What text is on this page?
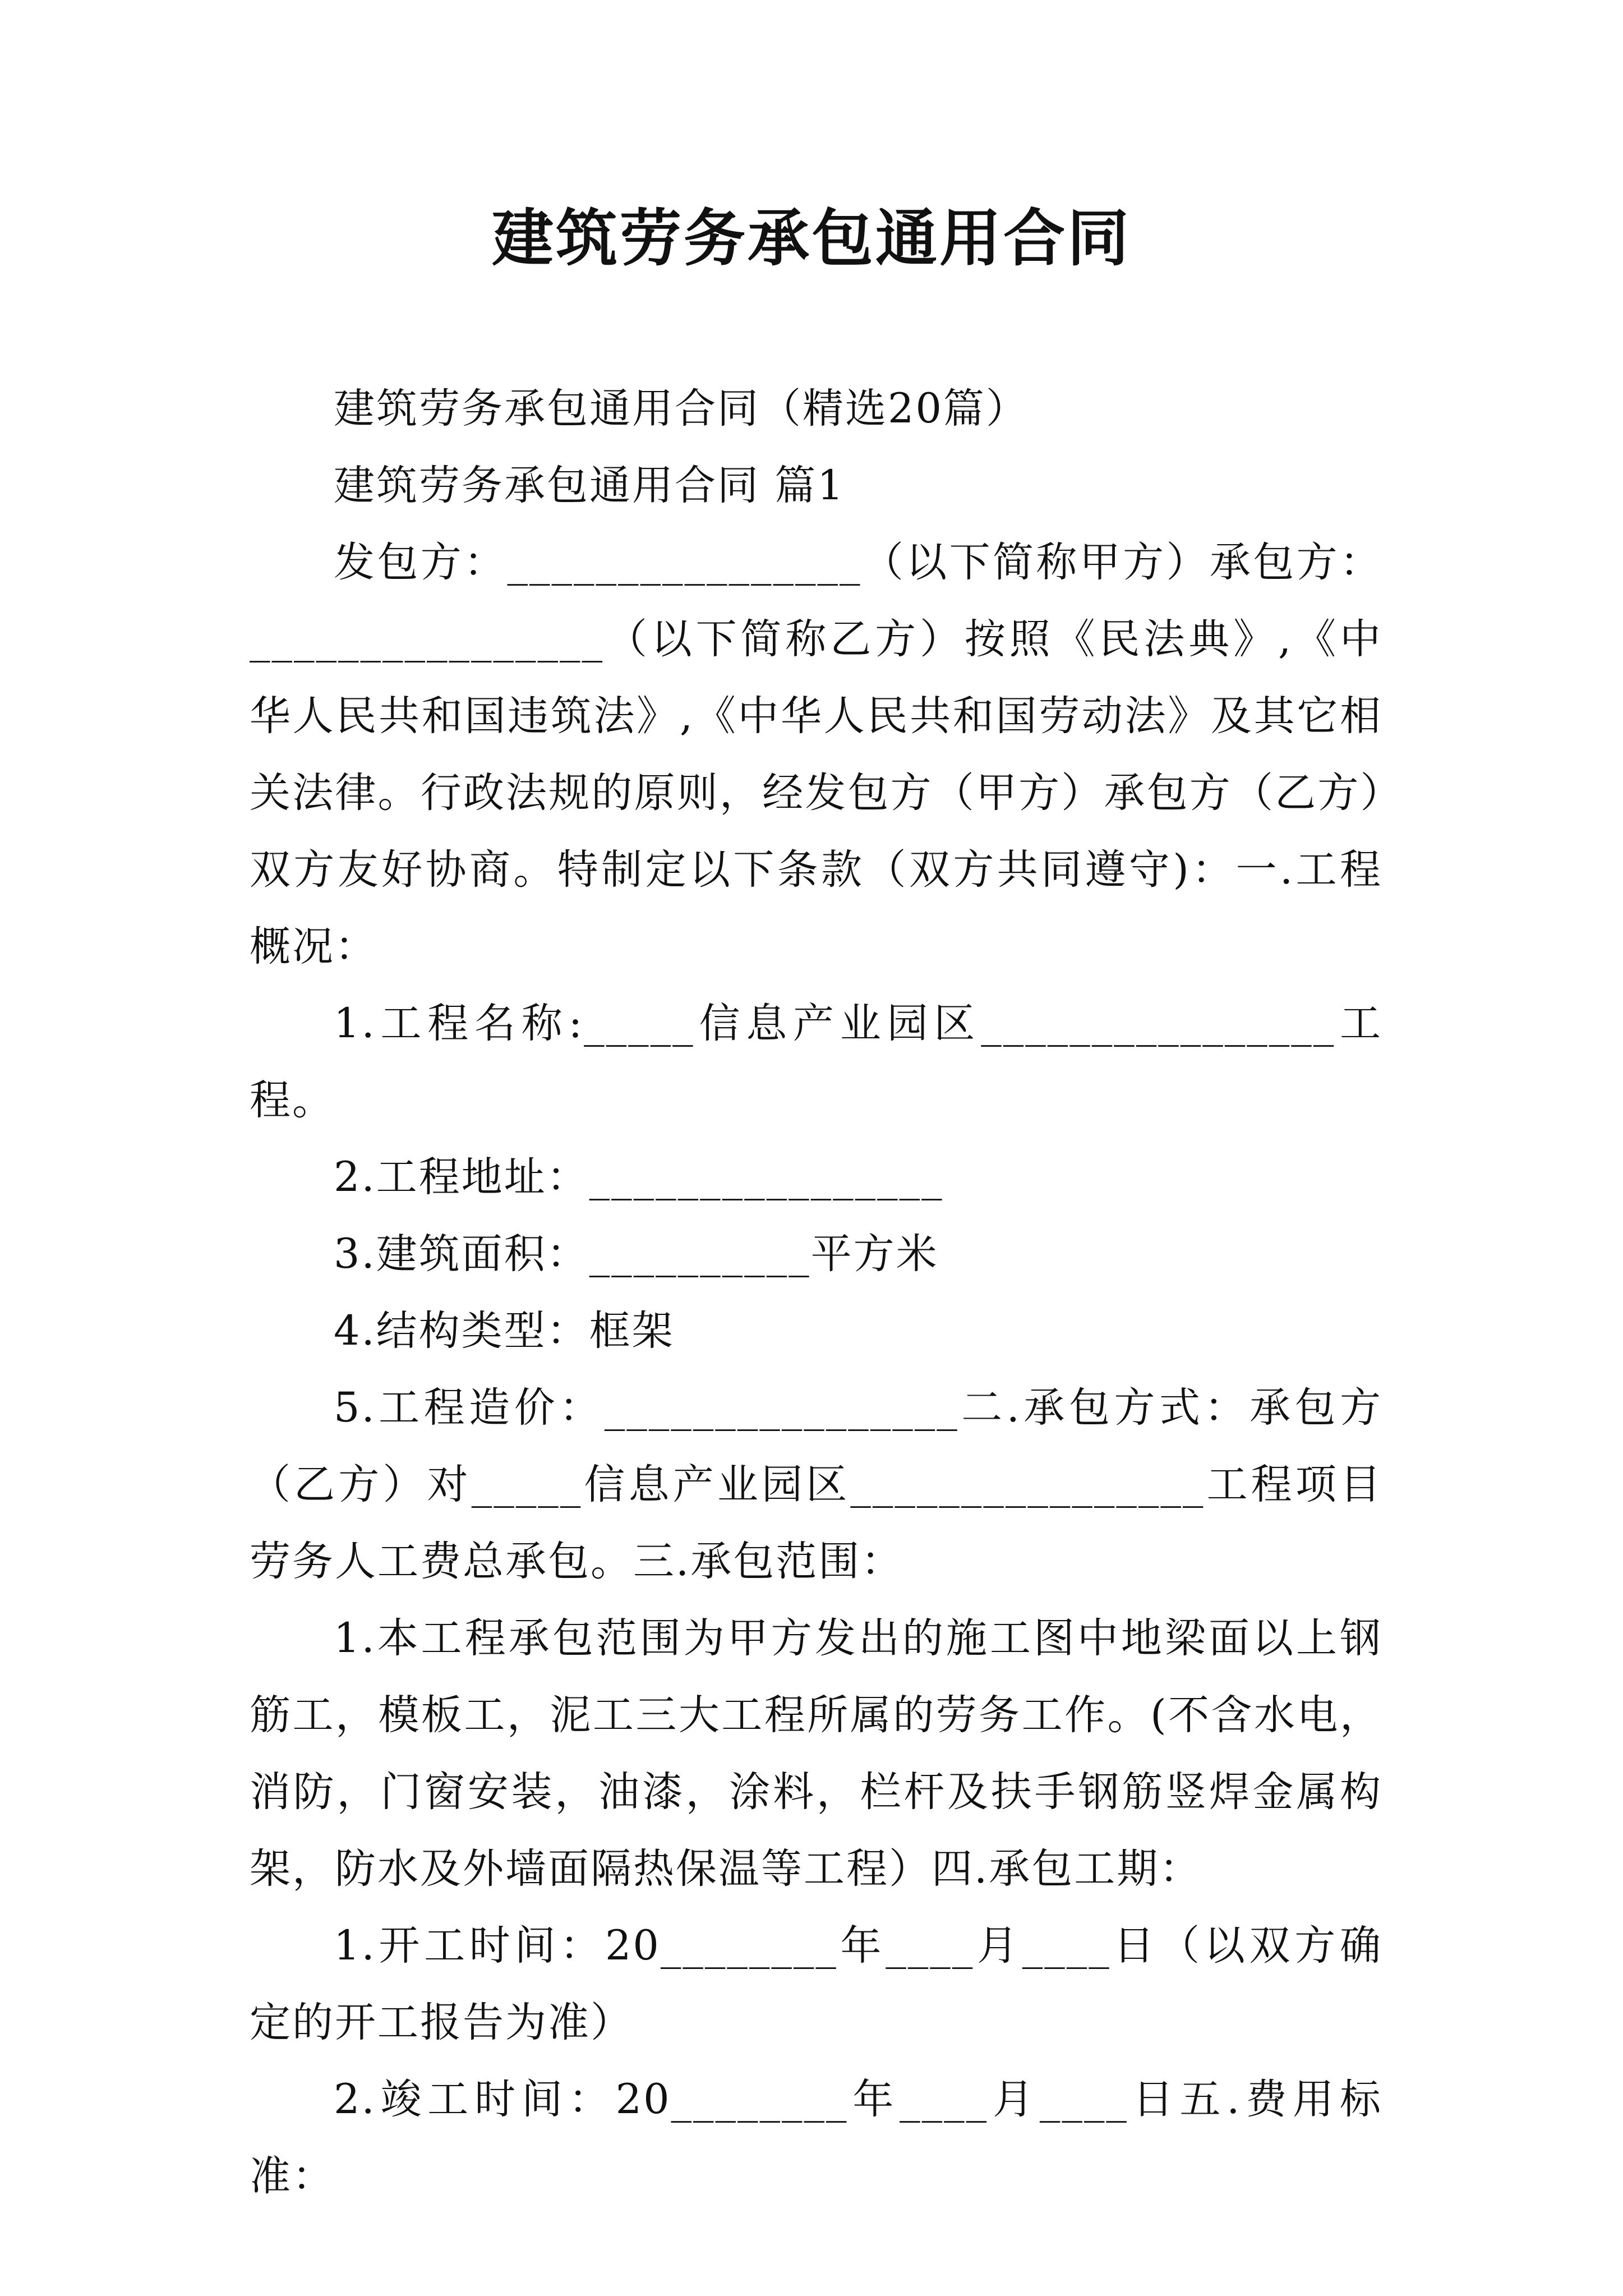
建筑劳务承包通用合同

建筑劳务承包通用合同（精选20篇）

建筑劳务承包通用合同 篇1

发包方：________________（以下简称甲方）承包方：________________（以下简称乙方）按照《民法典》,《中华人民共和国违筑法》,《中华人民共和国劳动法》及其它相关法律。行政法规的原则，经发包方（甲方）承包方（乙方）双方友好协商。特制定以下条款（双方共同遵守)：一.工程概况：

1.工程名称:_____信息产业园区________________工程。

2.工程地址：________________

3.建筑面积：__________平方米

4.结构类型：框架

5.工程造价：________________二.承包方式：承包方（乙方）对_____信息产业园区________________工程项目劳务人工费总承包。三.承包范围：

1.本工程承包范围为甲方发出的施工图中地梁面以上钢筋工，模板工，泥工三大工程所属的劳务工作。(不含水电，消防，门窗安装，油漆，涂料，栏杆及扶手钢筋竖焊金属构架，防水及外墙面隔热保温等工程）四.承包工期：

1.开工时间：20________年____月____日（以双方确定的开工报告为准）

2.竣工时间：20________年____月____日五.费用标准：
